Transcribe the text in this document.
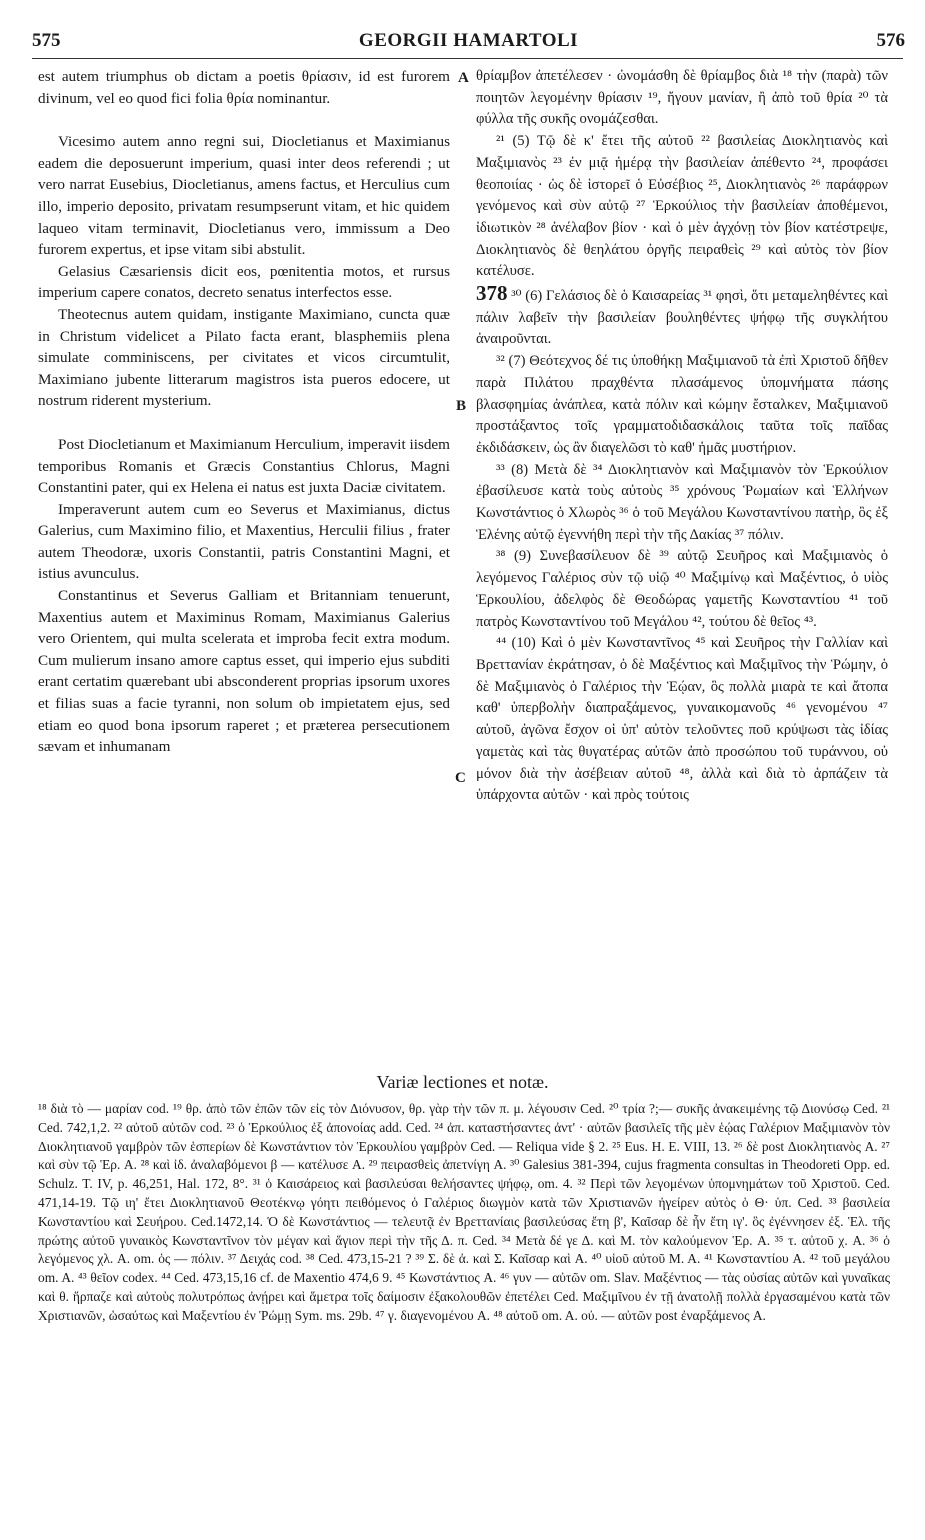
575	GEORGII HAMARTOLI	576
A
B
C

est autem triumphus ob dictam a poetis θρίασιν, id est furorem divinum, vel eo quod fici folia θρία nominantur.

Vicesimo autem anno regni sui, Diocletianus et Maximianus eadem die deposuerunt imperium, quasi inter deos referendi ; ut vero narrat Eusebius, Diocletianus, amens factus, et Herculius cum illo, imperio deposito, privatam resumpserunt vitam, et hic quidem laqueo vitam terminavit, Diocletianus vero, immissum a Deo furorem expertus, et ipse vitam sibi abstulit.

Gelasius Cæsariensis dicit eos, pœnitentia motos, et rursus imperium capere conatos, decreto senatus interfectos esse.

Theotecnus autem quidam, instigante Maximiano, cuncta quæ in Christum videlicet a Pilato facta erant, blasphemiis plena simulate comminiscens, per civitates et vicos circumtulit, Maximiano jubente litterarum magistros ista pueros edocere, ut nostrum riderent mysterium.

Post Diocletianum et Maximianum Herculium, imperavit iisdem temporibus Romanis et Græcis Constantius Chlorus, Magni Constantini pater, qui ex Helena ei natus est juxta Daciæ civitatem.

Imperaverunt autem cum eo Severus et Maximianus, dictus Galerius, cum Maximino filio, et Maxentius, Herculii filius , frater autem Theodoræ, uxoris Constantii, patris Constantini Magni, et istius avunculus.

Constantinus et Severus Galliam et Britanniam tenuerunt, Maxentius autem et Maximinus Romam, Maximianus Galerius vero Orientem, qui multa scelerata et improba fecit extra modum. Cum mulierum insano amore captus esset, qui imperio ejus subditi erant certatim quærebant ubi absconderent proprias ipsorum uxores et filias suas a facie tyranni, non solum ob impietatem ejus, sed etiam eo quod bona ipsorum raperet ; et præterea persecutionem sævam et inhumanam

θρίαμβον ἀπετέλεσεν · ὠνομάσθη δὲ θρίαμβος διὰ ¹⁸ τὴν (παρὰ) τῶν ποιητῶν λεγομένην θρίασιν ¹⁹, ἤγουν μανίαν, ἢ ἀπὸ τοῦ θρία ²⁰ τὰ φύλλα τῆς συκῆς ονομάζεσθαι.

²¹ (5) Τῷ δὲ κ' ἔτει τῆς αὐτοῦ ²² βασιλείας Διοκλητιανὸς καὶ Μαξιμιανὸς ²³ ἐν μιᾷ ἡμέρᾳ τὴν βασιλείαν ἀπέθεντο ²⁴, προφάσει θεοποιίας · ὡς δὲ ἱστορεῖ ὁ Εὐσέβιος ²⁵, Διοκλητιανὸς ²⁶ παράφρων γενόμενος καὶ σὺν αὐτῷ ²⁷ Ἑρκούλιος τὴν βασιλείαν ἀποθέμενοι, ἰδιωτικὸν ²⁸ ἀνέλαβον βίον · καὶ ὁ μὲν ἀγχόνῃ τὸν βίον κατέστρεψε, Διοκλητιανὸς δὲ θεηλάτου ὀργῆς πειραθεὶς ²⁹ καὶ αὐτὸς τὸν βίον κατέλυσε.

378 ³⁰ (6) Γελάσιος δὲ ὁ Καισαρείας ³¹ φησὶ, ὅτι μεταμεληθέντες καὶ πάλιν λαβεῖν τὴν βασιλείαν βουληθέντες ψήφῳ τῆς συγκλήτου ἀναιροῦνται.

³² (7) Θεότεχνος δέ τις ὑποθήκῃ Μαξιμιανοῦ τὰ ἐπὶ Χριστοῦ δῆθεν παρὰ Πιλάτου πραχθέντα πλασάμενος ὑπομνήματα πάσης βλασφημίας ἀνάπλεα, κατὰ πόλιν καὶ κώμην ἔσταλκεν, Μαξιμιανοῦ προστάξαντος τοῖς γραμματοδιδασκάλοις ταῦτα τοῖς παῖδας ἐκδιδάσκειν, ὡς ἂν διαγελῶσι τὸ καθ' ἡμᾶς μυστήριον.

³³ (8) Μετὰ δὲ ³⁴ Διοκλητιανὸν καὶ Μαξιμιανὸν τὸν Ἑρκούλιον ἐβασίλευσε κατὰ τοὺς αὐτοὺς ³⁵ χρόνους Ῥωμαίων καὶ Ἑλλήνων Κωνστάντιος ὁ Χλωρὸς ³⁶ ὁ τοῦ Μεγάλου Κωνσταντίνου πατὴρ, ὃς ἐξ Ἑλένης αὐτῷ ἐγεννήθη περὶ τὴν τῆς Δακίας ³⁷ πόλιν.

³⁸ (9) Συνεβασίλευον δὲ ³⁹ αὐτῷ Σευῆρος καὶ Μαξιμιανὸς ὁ λεγόμενος Γαλέριος σὺν τῷ υἱῷ ⁴⁰ Μαξιμίνῳ καὶ Μαξέντιος, ὁ υἱὸς Ἑρκουλίου, ἀδελφὸς δὲ Θεοδώρας γαμετῆς Κωνσταντίου ⁴¹ τοῦ πατρὸς Κωνσταντίνου τοῦ Μεγάλου ⁴², τούτου δὲ θεῖος ⁴³.

⁴⁴ (10) Καὶ ὁ μὲν Κωνσταντῖνος ⁴⁵ καὶ Σευῆρος τὴν Γαλλίαν καὶ Βρεττανίαν ἐκράτησαν, ὁ δὲ Μαξέντιος καὶ Μαξιμῖνος τὴν Ῥώμην, ὁ δὲ Μαξιμιανὸς ὁ Γαλέριος τὴν Ἑῴαν, ὃς πολλὰ μιαρὰ τε καὶ ἄτοπα καθ' ὑπερβολὴν διαπραξάμενος, γυναικομανοῦς ⁴⁶ γενομένου ⁴⁷ αὐτοῦ, ἀγῶνα ἔσχον οἱ ὑπ' αὐτὸν τελοῦντες ποῦ κρύψωσι τὰς ἰδίας γαμετὰς καὶ τὰς θυγατέρας αὐτῶν ἀπὸ προσώπου τοῦ τυράννου, οὐ μόνον διὰ τὴν ἀσέβειαν αὐτοῦ ⁴⁸, ἀλλὰ καὶ διὰ τὸ ἁρπάζειν τὰ ὑπάρχοντα αὐτῶν · καὶ πρὸς τούτοις

Variæ lectiones et notæ.

¹⁸ διὰ τὸ — μαρίαν cod. ¹⁹ θρ. ἀπὸ τῶν ἐπῶν τῶν εἰς τὸν Διόνυσον, θρ. γὰρ τὴν τῶν π. μ. λέγουσιν Ced. ²⁰ τρία ?;— συκῆς ἀνακειμένης τῷ Διονύσῳ Ced. ²¹ Ced. 742,1,2. ²² αὐτοῦ αὐτῶν cod. ²³ ὁ Ἑρκούλιος ἐξ ἀπονοίας add. Ced. ²⁴ ἀπ. καταστήσαντες ἀντ' · αὐτῶν βασιλεῖς τῆς μὲν ἑῴας Γαλέριον Μαξιμιανὸν τὸν Διοκλητιανοῦ γαμβρὸν τῶν ἑσπερίων δὲ Κωνστάντιον τὸν Ἑρκουλίου γαμβρὸν Ced. — Reliqua vide § 2. ²⁵ Eus. H. E. VIII, 13. ²⁶ δὲ post Διοκλητιανὸς A. ²⁷ καὶ σὺν τῷ Ἑρ. A. ²⁸ καὶ ἰδ. ἀναλαβόμενοι β — κατέλυσε A. ²⁹ πειρασθεὶς ἀπετνίγη A. ³⁰ Galesius 381-394, cujus fragmenta consultas in Theodoreti Opp. ed. Schulz. T. IV, p. 46,251, Hal. 172, 8°. ³¹ ὁ Καισάρειος καὶ βασιλεύσαι θελήσαντες ψήφῳ, om. 4. ³² Περὶ τῶν λεγομένων ὑπομνημάτων τοῦ Χριστοῦ. Ced. 471,14-19. Τῷ ιη' ἔτει Διοκλητιανοῦ Θεοτέκνῳ γόητι πειθόμενος ὁ Γαλέριος διωγμὸν κατὰ τῶν Χριστιανῶν ἠγείρεν αὐτὸς ὁ Θ· ὑπ. Ced. ³³ βασιλεία Κωνσταντίου καὶ Σευήρου. Ced.1472,14. Ὁ δὲ Κωνστάντιος — τελευτᾷ ἐν Βρεττανίαις βασιλεύσας ἔτη β', Καῖσαρ δὲ ἦν ἔτη ιγ'. ὃς ἐγέννησεν ἐξ. Ἑλ. τῆς πρώτης αὐτοῦ γυναικὸς Κωνσταντῖνον τὸν μέγαν καὶ ἅγιον περὶ τὴν τῆς Δ. π. Ced. ³⁴ Μετὰ δέ γε Δ. καὶ Μ. τὸν καλούμενον Ἑρ. A. ³⁵ τ. αὐτοῦ χ. A. ³⁶ ὁ λεγόμενος χλ. A. om. ὁς — πόλιν. ³⁷ Δειχάς cod. ³⁸ Ced. 473,15-21 ? ³⁹ Σ. δὲ ἀ. καὶ Σ. Καῖσαρ καὶ A. ⁴⁰ υἱοῦ αὐτοῦ M. A. ⁴¹ Κωνσταντίου A. ⁴² τοῦ μεγάλου om. A. ⁴³ θεῖον codex. ⁴⁴ Ced. 473,15,16 cf. de Maxentio 474,6 9. ⁴⁵ Κωνστάντιος A. ⁴⁶ γυν — αὐτῶν om. Slav. Μαξέντιος — τὰς οὐσίας αὐτῶν καὶ γυναῖκας καὶ θ. ἥρπαζε καὶ αὐτοὺς πολυτρόπως ἀνῄρει καὶ ἅμετρα τοῖς δαίμοσιν ἐξακολουθῶν ἐπετέλει Ced. Μαξιμῖνου ἐν τῇ ἀνατολῇ πολλὰ ἐργασαμένου κατὰ τῶν Χριστιανῶν, ὡσαύτως καὶ Μαξεντίου ἐν Ῥώμῃ Sym. ms. 29b. ⁴⁷ γ. διαγενομένου A. ⁴⁸ αὐτοῦ om. A. οὐ. — αὐτῶν post ἐναρξάμενος A.
